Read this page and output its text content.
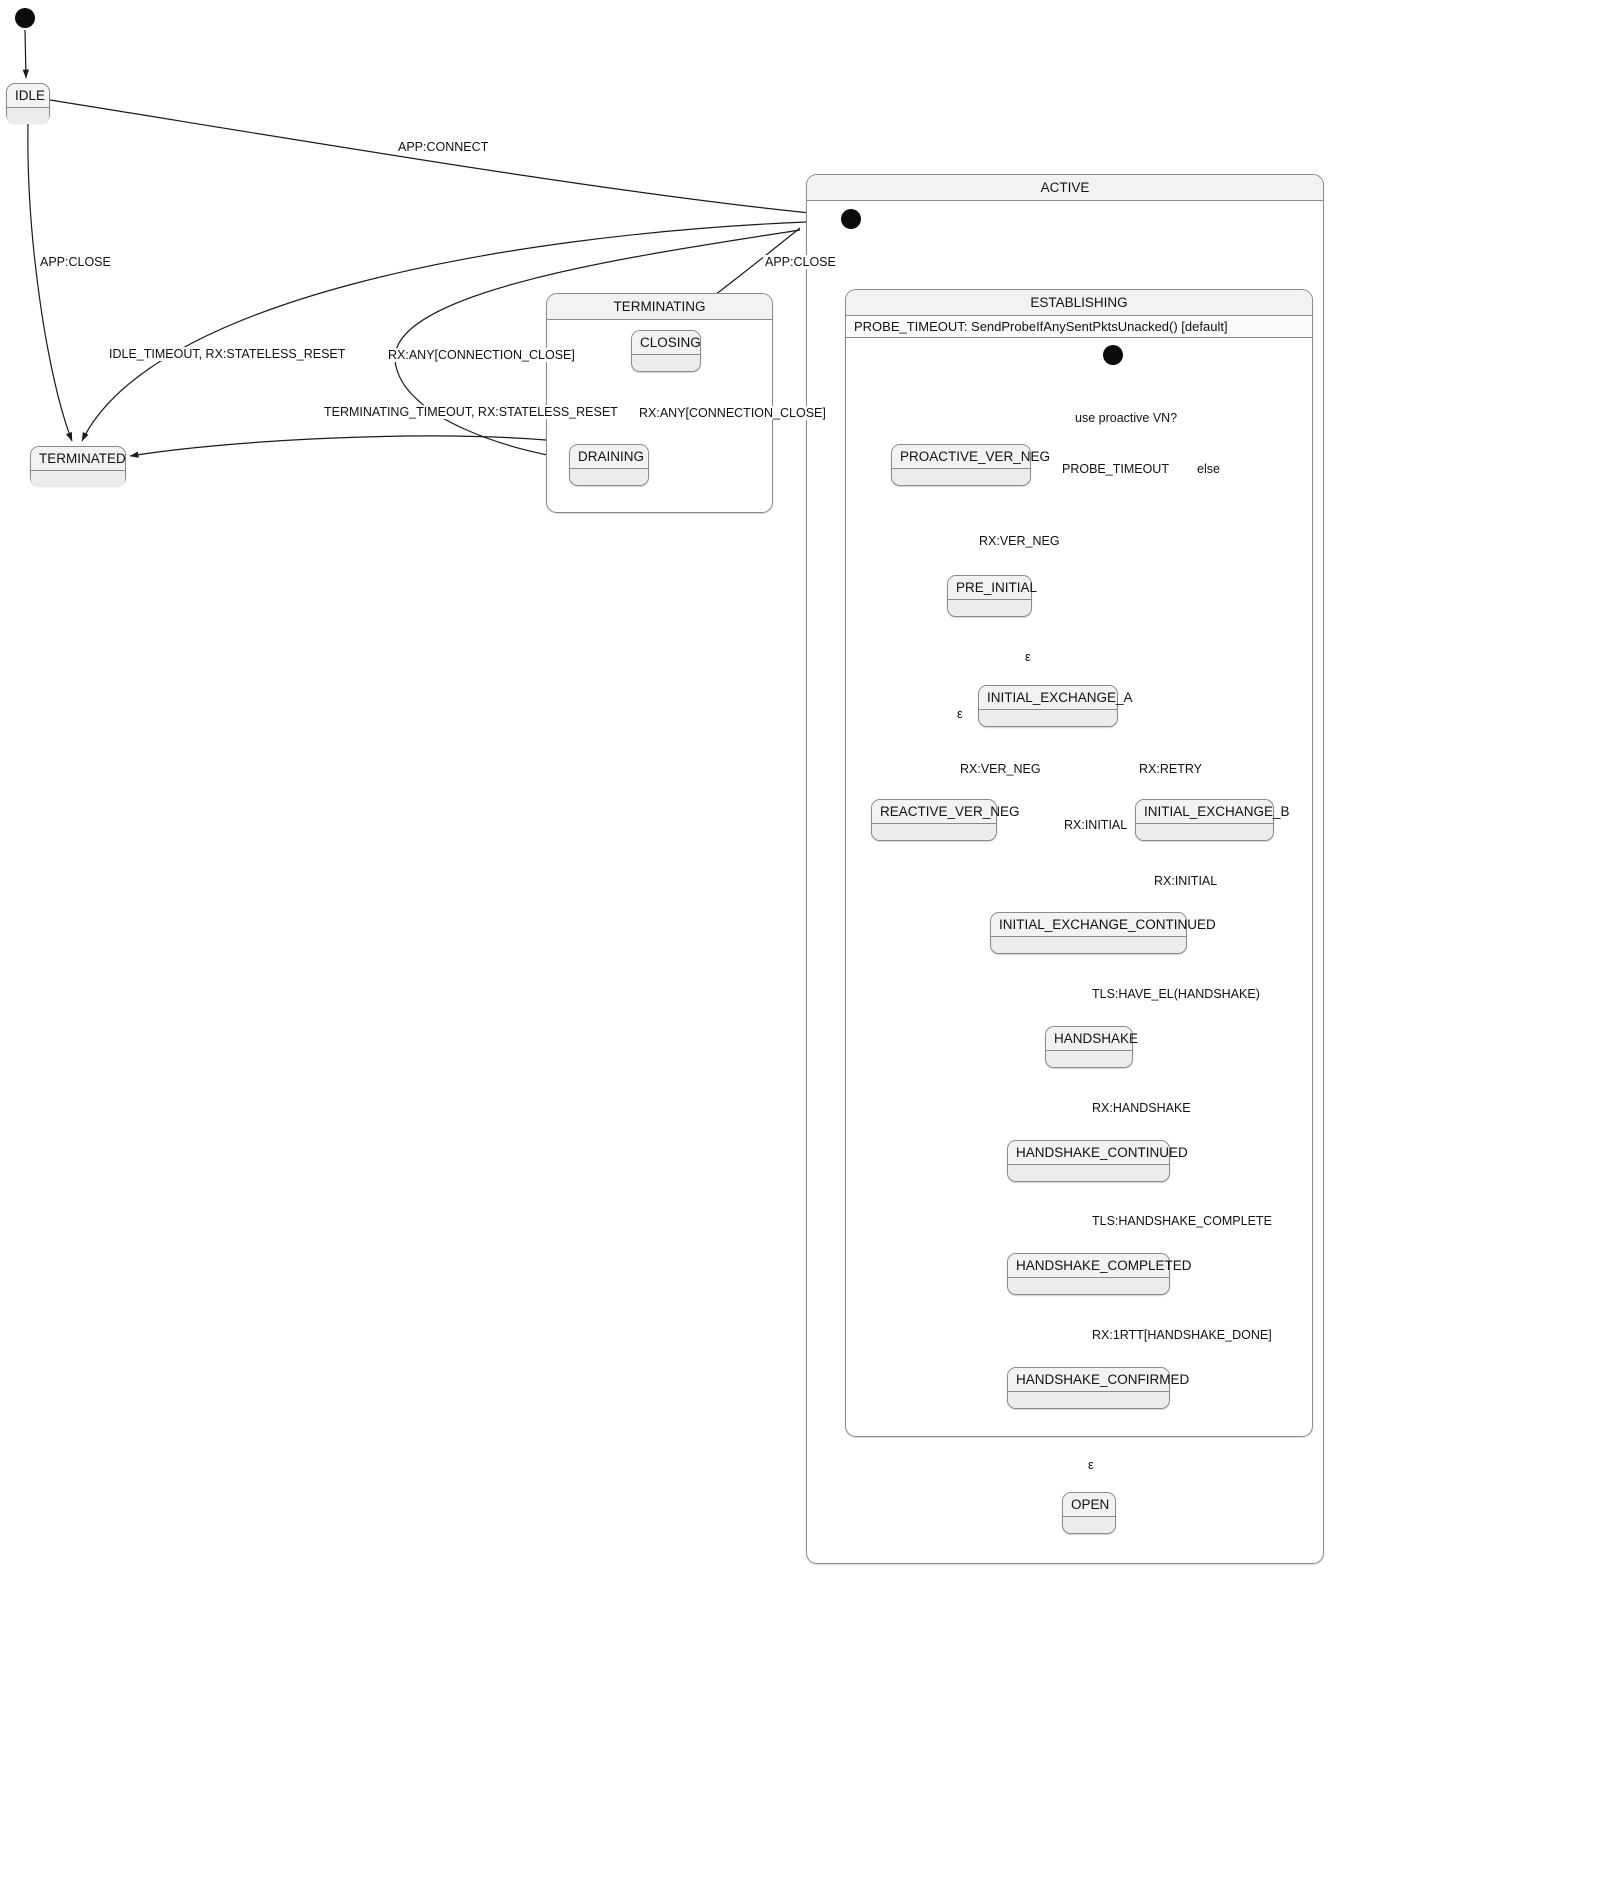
TERMINATING
ACTIVE
ESTABLISHING
PROBE_TIMEOUT: SendProbeIfAnySentPktsUnacked() [default]
IDLE
TERMINATED
CLOSING
DRAINING	PROACTIVE_VER_NEG
PRE_INITIAL
INITIAL_EXCHANGE_A
REACTIVE_VER_NEG	INITIAL_EXCHANGE_B
INITIAL_EXCHANGE_CONTINUED
HANDSHAKE
HANDSHAKE_CONTINUED
HANDSHAKE_COMPLETED
HANDSHAKE_CONFIRMED
OPEN
APP:CONNECT
APP:CLOSE	APP:CLOSE
IDLE_TIMEOUT, RX:STATELESS_RESET	RX:ANY[CONNECTION_CLOSE]
TERMINATING_TIMEOUT, RX:STATELESS_RESET RX:ANY[CONNECTION_CLOSE]	use proactive VN?
PROBE_TIMEOUT else
RX:VER_NEG
ε
ε
RX:VER_NEG	RX:RETRY
RX:INITIAL
RX:INITIAL
TLS:HAVE_EL(HANDSHAKE)
RX:HANDSHAKE
TLS:HANDSHAKE_COMPLETE
RX:1RTT[HANDSHAKE_DONE]
ε
